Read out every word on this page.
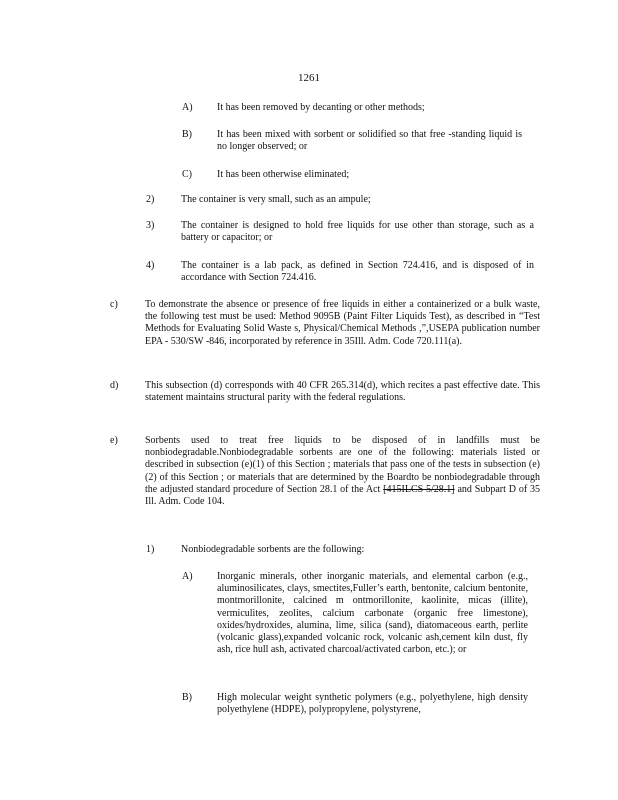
1261
A) It has been removed by decanting or other methods;
B)	It has been mixed with sorbent or solidified so that free -standing liquid is no longer observed; or
C)	It has been otherwise eliminated;
2)	The container is very small, such as an ampule;
3)	The container is designed to hold free liquids for use other than storage, such as a battery or capacitor; or
4)	The container is a lab pack, as defined in Section 724.416, and is disposed of in accordance with Section 724.416.
c)	To demonstrate the absence or presence of free liquids in either a containerized or a bulk waste, the following test must be used: Method 9095B (Paint Filter Liquids Test), as described in “Test Methods for Evaluating Solid Waste s, Physical/Chemical Methods ,”,USEPA publication number EPA - 530/SW -846, incorporated by reference in 35Ill. Adm. Code 720.111(a).
d)	This subsection (d) corresponds with 40 CFR 265.314(d), which recites a past effective date. This statement maintains structural parity with the federal regulations.
e)	Sorbents used to treat free liquids to be disposed of in landfills must be nonbiodegradable.Nonbiodegradable sorbents are one of the following: materials listed or described in subsection (e)(1) of this Section ; materials that pass one of the tests in subsection (e)(2) of this Section ; or materials that are determined by the Boardto be nonbiodegradable through the adjusted standard procedure of Section 28.1 of the Act [415ILCS 5/28.1] and Subpart D of 35 Ill. Adm. Code 104.
1)	Nonbiodegradable sorbents are the following:
A) Inorganic minerals, other inorganic materials, and elemental carbon (e.g., aluminosilicates, clays, smectites,Fuller’s earth, bentonite, calcium bentonite, montmorillonite, calcined m ontmorillonite, kaolinite, micas (illite), vermiculites, zeolites, calcium carbonate (organic free limestone), oxides/hydroxides, alumina, lime, silica (sand), diatomaceous earth, perlite (volcanic glass),expanded volcanic rock, volcanic ash,cement kiln dust, fly ash, rice hull ash, activated charcoal/activated carbon, etc.); or
B)	High molecular weight synthetic polymers (e.g., polyethylene, high density polyethylene (HDPE), polypropylene, polystyrene,
